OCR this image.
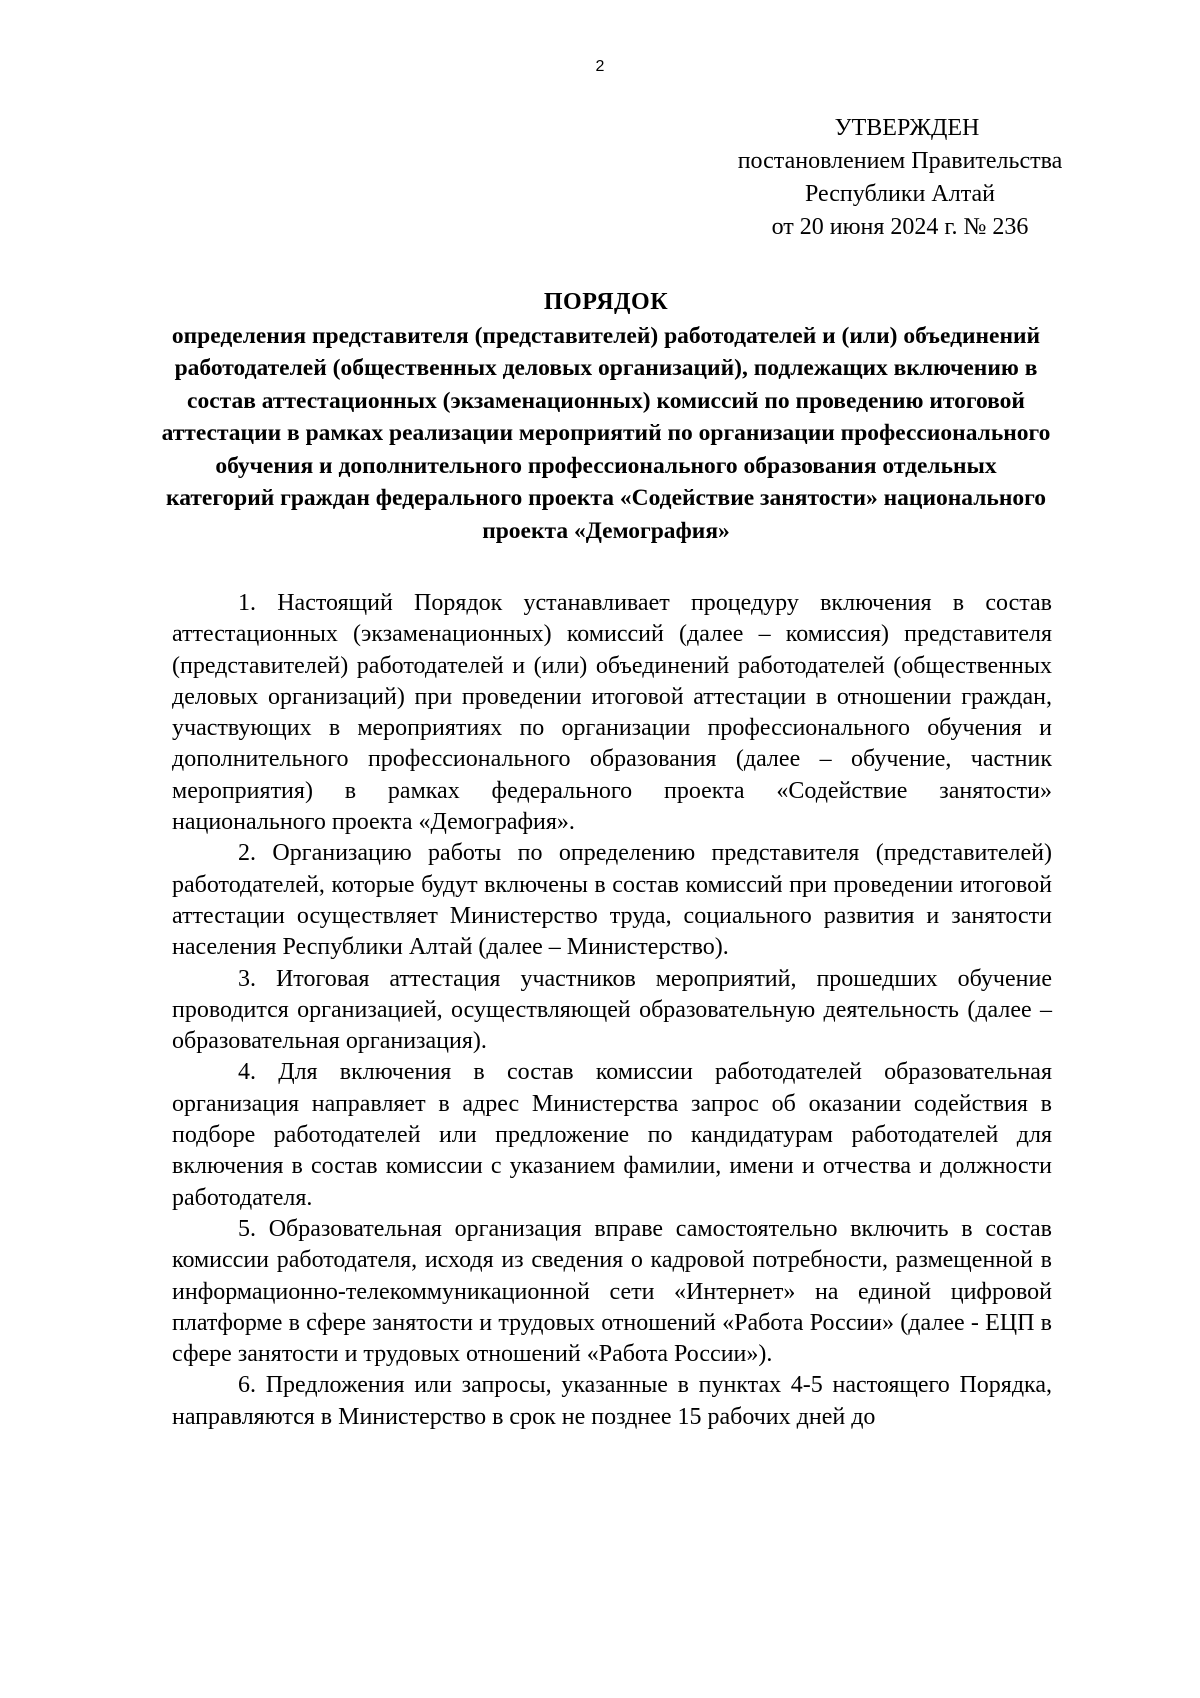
2
УТВЕРЖДЕН
постановлением Правительства
Республики Алтай
от 20 июня 2024 г. № 236
ПОРЯДОК
определения представителя (представителей) работодателей и (или) объединений работодателей (общественных деловых организаций), подлежащих включению в состав аттестационных (экзаменационных) комиссий по проведению итоговой аттестации в рамках реализации мероприятий по организации профессионального обучения и дополнительного профессионального образования отдельных категорий граждан федерального проекта «Содействие занятости» национального проекта «Демография»

1. Настоящий Порядок устанавливает процедуру включения в состав аттестационных (экзаменационных) комиссий (далее – комиссия) представителя (представителей) работодателей и (или) объединений работодателей (общественных деловых организаций) при проведении итоговой аттестации в отношении граждан, участвующих в мероприятиях по организации профессионального обучения и дополнительного профессионального образования (далее – обучение, частник мероприятия) в рамках федерального проекта «Содействие занятости» национального проекта «Демография».

2. Организацию работы по определению представителя (представителей) работодателей, которые будут включены в состав комиссий при проведении итоговой аттестации осуществляет Министерство труда, социального развития и занятости населения Республики Алтай (далее – Министерство).

3. Итоговая аттестация участников мероприятий, прошедших обучение проводится организацией, осуществляющей образовательную деятельность (далее – образовательная организация).

4. Для включения в состав комиссии работодателей образовательная организация направляет в адрес Министерства запрос об оказании содействия в подборе работодателей или предложение по кандидатурам работодателей для включения в состав комиссии с указанием фамилии, имени и отчества и должности работодателя.

5. Образовательная организация вправе самостоятельно включить в состав комиссии работодателя, исходя из сведения о кадровой потребности, размещенной в информационно-телекоммуникационной сети «Интернет» на единой цифровой платформе в сфере занятости и трудовых отношений «Работа России» (далее - ЕЦП в сфере занятости и трудовых отношений «Работа России»).

6. Предложения или запросы, указанные в пунктах 4-5 настоящего Порядка, направляются в Министерство в срок не позднее 15 рабочих дней до
